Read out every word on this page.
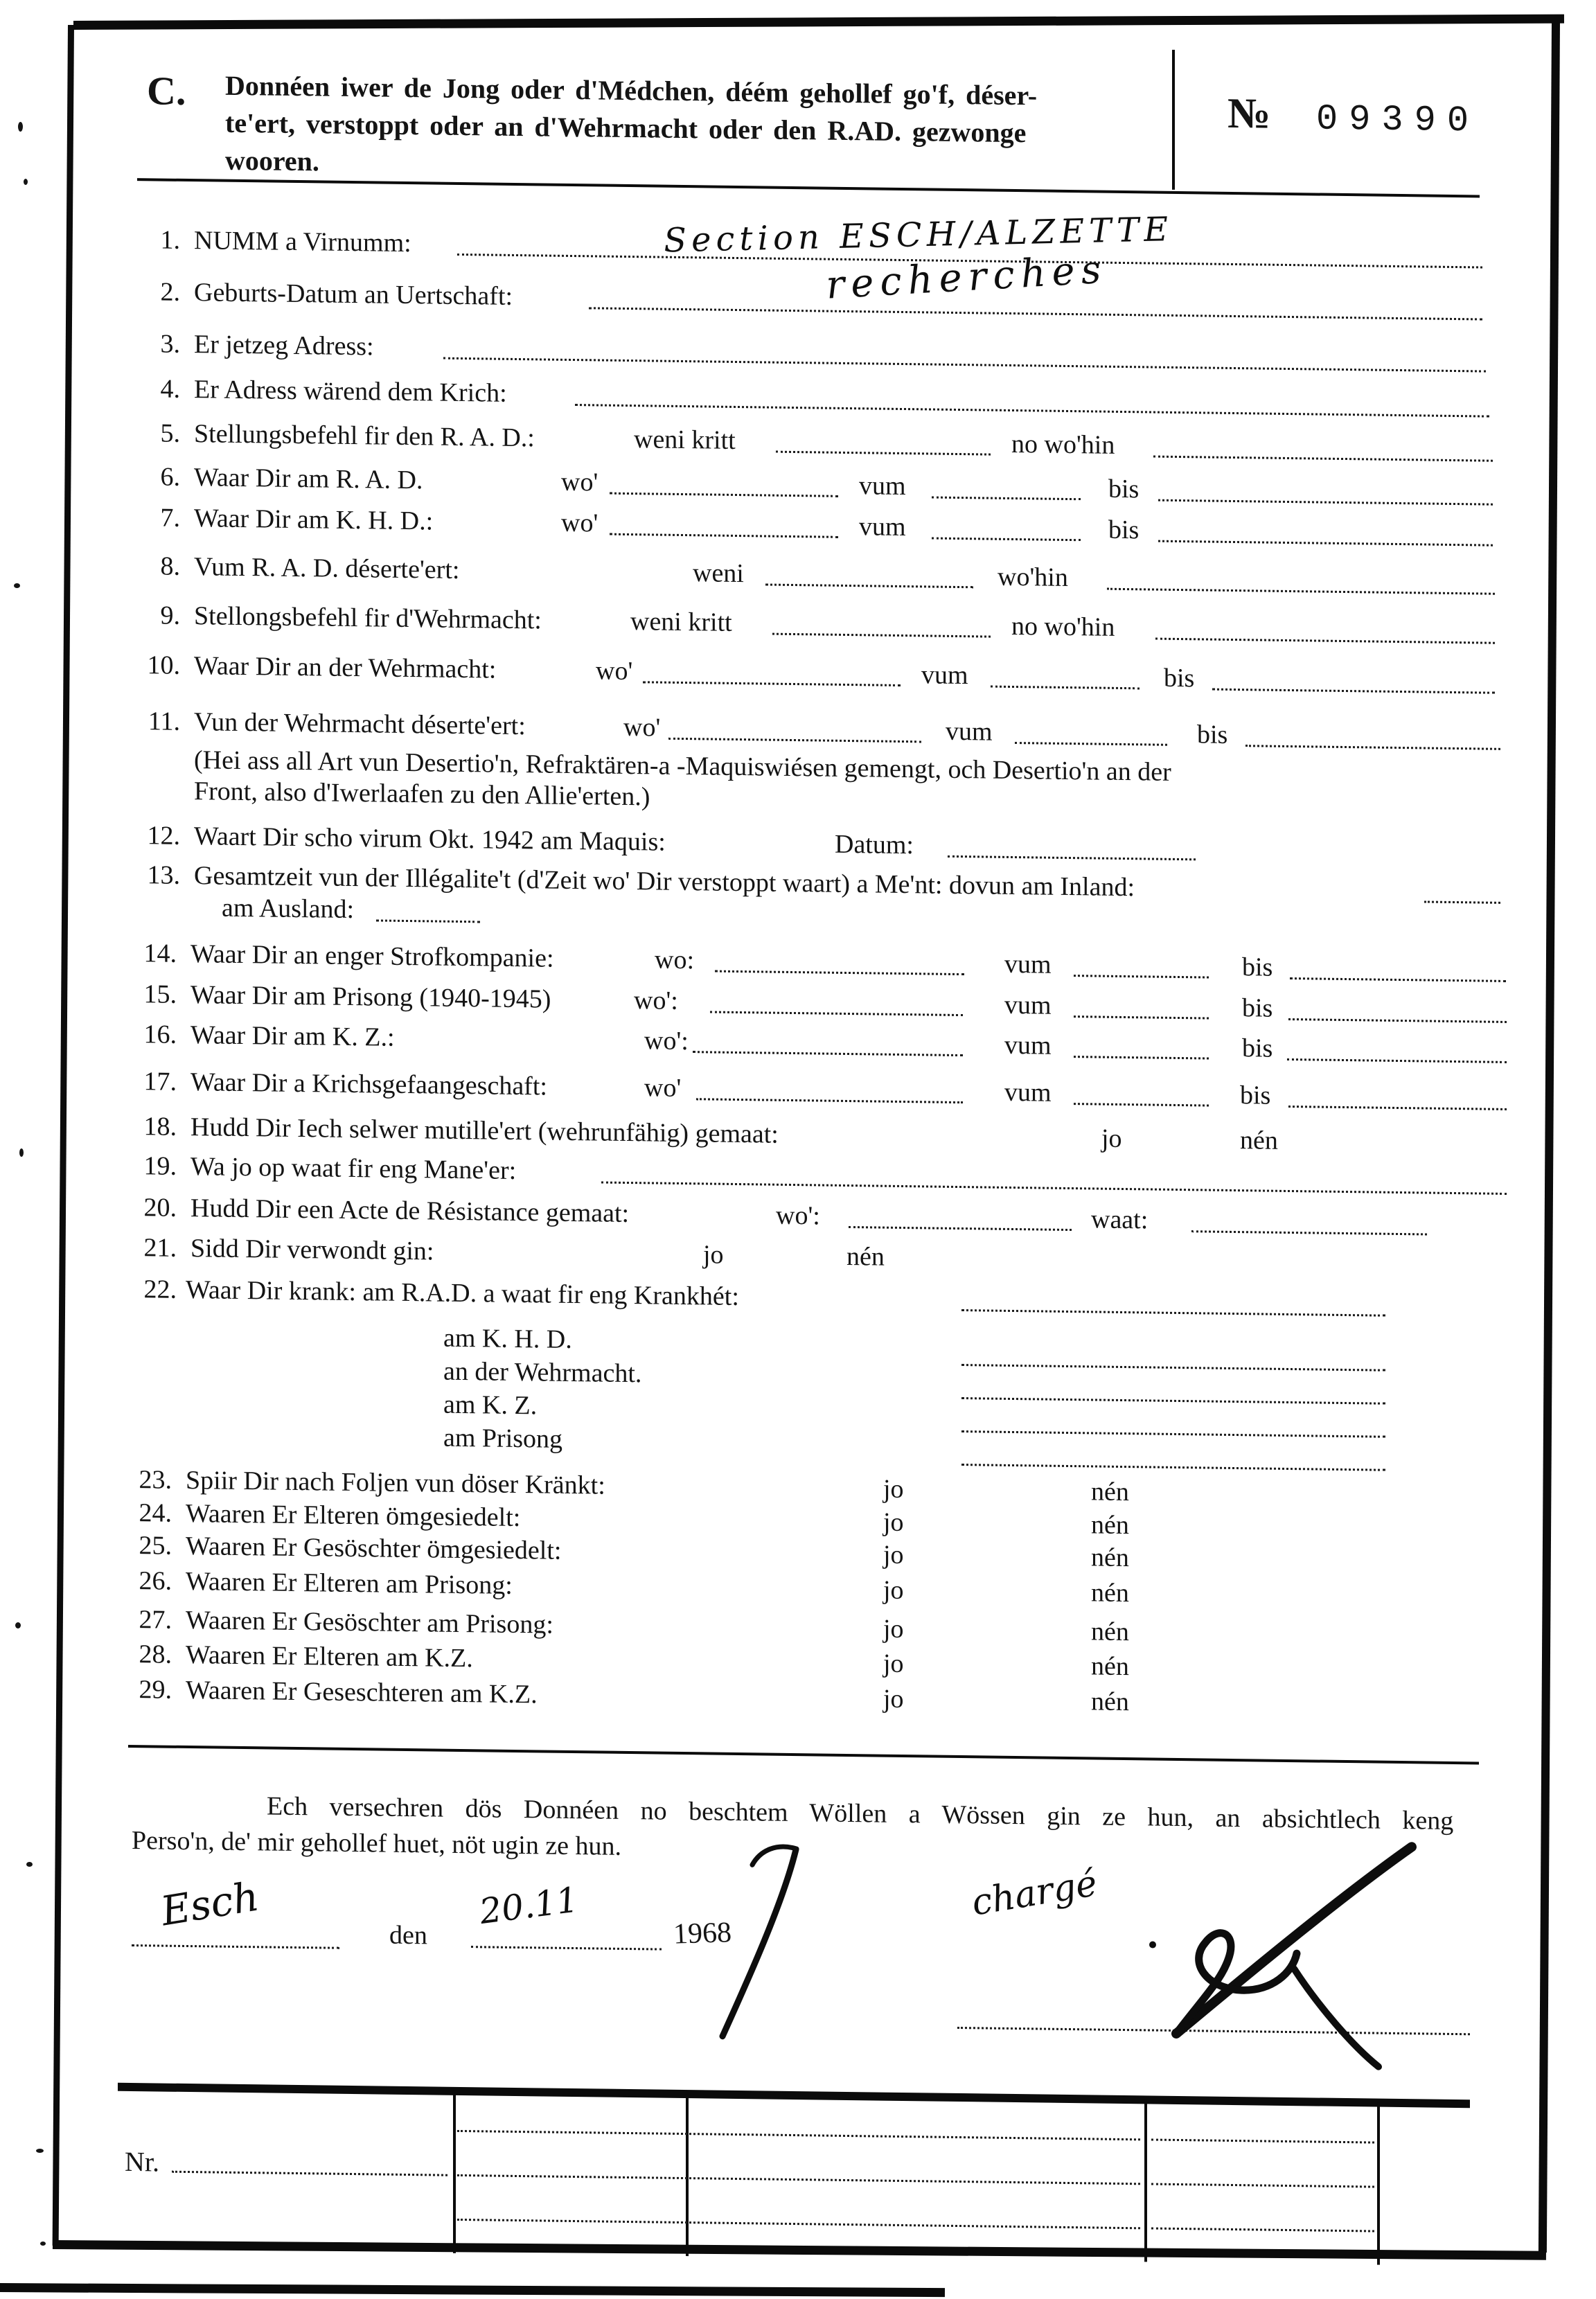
C. Donnéen iwer de Jong oder d'Médchen, déém gehollef go'f, déser-
te'ert, verstoppt oder an d'Wehrmacht oder den R.AD. gezwonge
wooren.
№ 09390
1. NUMM a Virnumm:
2. Geburts-Datum an Uertschaft:
3. Er jetzeg Adress:
4. Er Adress wärend dem Krich:
5. Stellungsbefehl fir den R. A. D.:	weni kritt	no wo'hin
6. Waar Dir am R. A. D.	wo'	vum	bis
7. Waar Dir am K. H. D.:	wo'	vum	bis
8. Vum R. A. D. déserte'ert:	weni	wo'hin
9. Stellongsbefehl fir d'Wehrmacht:	weni kritt	no wo'hin
10. Waar Dir an der Wehrmacht:	wo'	vum	bis
11. Vun der Wehrmacht déserte'ert:	wo'	vum	bis
(Hei ass all Art vun Desertio'n, Refraktären-a -Maquiswiésen gemengt, och Desertio'n an der
Front, also d'Iwerlaafen zu den Allie'erten.)
12. Waart Dir scho virum Okt. 1942 am Maquis:	Datum:
13. Gesamtzeit vun der Illégalite't (d'Zeit wo' Dir verstoppt waart) a Me'nt: dovun am Inland:
am Ausland:
14. Waar Dir an enger Strofkompanie:	wo:	vum	bis
15. Waar Dir am Prisong (1940-1945)	wo':	vum	bis
16. Waar Dir am K. Z.:	wo':	vum	bis
17. Waar Dir a Krichsgefaangeschaft:	wo'	vum	bis
18. Hudd Dir Iech selwer mutille'ert (wehrunfähig) gemaat:	jo	nén
19. Wa jo op waat fir eng Mane'er:
20. Hudd Dir een Acte de Résistance gemaat:	wo':	waat:
21. Sidd Dir verwondt gin:	jo	nén
22. Waar Dir krank: am R.A.D. a waat fir eng Krankhét:
am K. H. D.
an der Wehrmacht.
am K. Z.
am Prisong
23. Spiir Dir nach Foljen vun döser Kränkt:	jo	nén
24. Waaren Er Elteren ömgesiedelt:	jo	nén
25. Waaren Er Gesöschter ömgesiedelt:	jo	nén
26. Waaren Er Elteren am Prisong:	jo	nén
27. Waaren Er Gesöschter am Prisong:	jo	nén
28. Waaren Er Elteren am K.Z.	jo	nén
29. Waaren Er Geseschteren am K.Z.	jo	nén
Ech versechren dös Donnéen no beschtem Wöllen a Wössen gin ze hun, an absichtlech keng
Perso'n, de' mir gehollef huet, nöt ugin ze hun.
Esch
den
20.11
1968
chargé
Section ESCH/ALZETTE
recherches
Nr.
